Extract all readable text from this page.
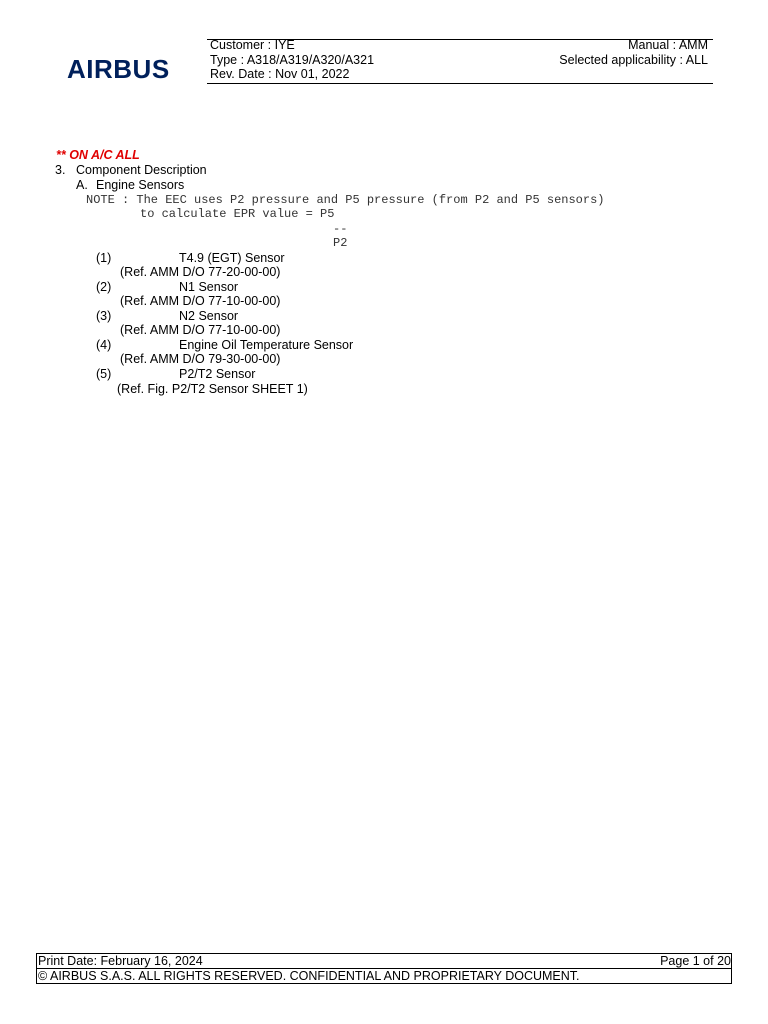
AIRBUS
Customer : IYE
Type : A318/A319/A320/A321
Rev. Date : Nov 01, 2022
Manual : AMM
Selected applicability : ALL
** ON A/C ALL
3. Component Description
A. Engine Sensors
NOTE : The EEC uses P2 pressure and P5 pressure (from P2 and P5 sensors)
to calculate EPR value = P5
--
P2
(1)	T4.9 (EGT) Sensor
(Ref. AMM D/O 77-20-00-00)
(2)	N1 Sensor
(Ref. AMM D/O 77-10-00-00)
(3)	N2 Sensor
(Ref. AMM D/O 77-10-00-00)
(4)	Engine Oil Temperature Sensor
(Ref. AMM D/O 79-30-00-00)
(5)	P2/T2 Sensor
(Ref. Fig. P2/T2 Sensor SHEET 1)
Print Date: February 16, 2024	Page 1 of 20
© AIRBUS S.A.S. ALL RIGHTS RESERVED. CONFIDENTIAL AND PROPRIETARY DOCUMENT.
